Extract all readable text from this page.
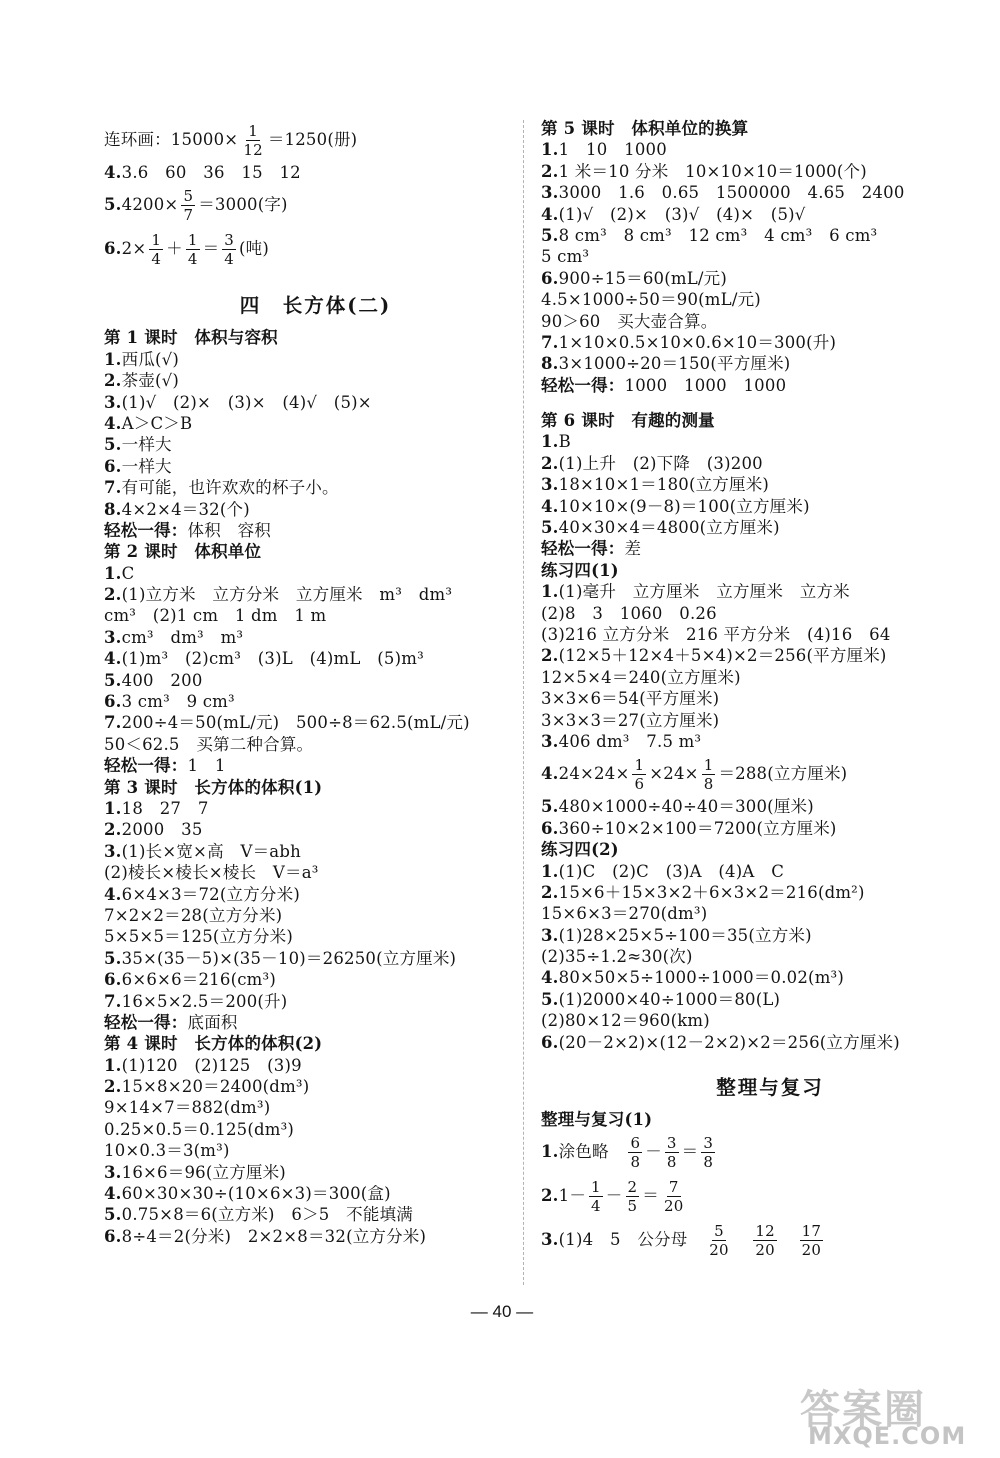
连环画：$15000\times \frac{1}{12} =1250$(册)
4.3.6　60　36　15　12
$5.4200\times \frac{5}{7} =3000$(字)
$6.2\times \frac{1}{4} + \frac{1}{4} = \frac{3}{4}$ (吨)
四　长方体(二)
第 1 课时　体积与容积
1.西瓜(√)
2.茶壶(√)
3.(1)√　(2)×　(3)×　(4)√　(5)×
4.A＞C＞B
5.一样大
6.一样大
7.有可能，也许欢欢的杯子小。
8.4×2×4＝32(个)
轻松一得：体积　容积
第 2 课时　体积单位
1.C
2.(1)立方米　立方分米　立方厘米　m³　dm³
cm³　(2)1 cm　1 dm　1 m
3.cm³　dm³　m³
4.(1)m³　(2)cm³　(3)L　(4)mL　(5)m³
5.400　200
6.3 cm³　9 cm³
7.200÷4＝50(mL/元)　500÷8＝62.5(mL/元)
50＜62.5　买第二种合算。
轻松一得：1　1
第 3 课时　长方体的体积(1)
1.18　27　7
2.2000　35
3.(1)长×宽×高　V＝abh
(2)棱长×棱长×棱长　V＝a³
4.6×4×3＝72(立方分米)
7×2×2＝28(立方分米)
5×5×5＝125(立方分米)
5.35×(35－5)×(35－10)＝26250(立方厘米)
6.6×6×6＝216(cm³)
7.16×5×2.5＝200(升)
轻松一得：底面积
第 4 课时　长方体的体积(2)
1.(1)120　(2)125　(3)9
2.15×8×20＝2400(dm³)
9×14×7＝882(dm³)
0.25×0.5＝0.125(dm³)
10×0.3＝3(m³)
3.16×6＝96(立方厘米)
4.60×30×30÷(10×6×3)＝300(盒)
5.0.75×8＝6(立方米)　6＞5　不能填满
6.8÷4＝2(分米)　2×2×8＝32(立方分米)
第 5 课时　体积单位的换算
1.1　10　1000
2.1 米＝10 分米　10×10×10＝1000(个)
3.3000　1.6　0.65　1500000　4.65　2400
4.(1)√　(2)×　(3)√　(4)×　(5)√
5.8 cm³　8 cm³　12 cm³　4 cm³　6 cm³
5 cm³
6.900÷15＝60(mL/元)
4.5×1000÷50＝90(mL/元)
90＞60　买大壶合算。
7.1×10×0.5×10×0.6×10＝300(升)
8.3×1000÷20＝150(平方厘米)
轻松一得：1000　1000　1000
第 6 课时　有趣的测量
1.B
2.(1)上升　(2)下降　(3)200
3.18×10×1＝180(立方厘米)
4.10×10×(9－8)＝100(立方厘米)
5.40×30×4＝4800(立方厘米)
轻松一得：差
练习四(1)
1.(1)毫升　立方厘米　立方厘米　立方米
(2)8　3　1060　0.26
(3)216 立方分米　216 平方分米　(4)16　64
2.(12×5＋12×4＋5×4)×2＝256(平方厘米)
12×5×4＝240(立方厘米)
3×3×6＝54(平方厘米)
3×3×3＝27(立方厘米)
3.406 dm³　7.5 m³
$4.24\times 24\times \frac{1}{6} \times 24\times \frac{1}{8} =288$(立方厘米)
5.480×1000÷40÷40＝300(厘米)
6.360÷10×2×100＝7200(立方厘米)
练习四(2)
1.(1)C　(2)C　(3)A　(4)A　C
2.15×6＋15×3×2＋6×3×2＝216(dm²)
15×6×3＝270(dm³)
3.(1)28×25×5÷100＝35(立方米)
(2)35÷1.2≈30(次)
4.80×50×5÷1000÷1000＝0.02(m³)
5.(1)2000×40÷1000＝80(L)
(2)80×12＝960(km)
6.(20－2×2)×(12－2×2)×2＝256(立方厘米)
整理与复习
整理与复习(1)
1.涂色略　 $\frac{6}{8} - \frac{3}{8} = \frac{3}{8}$
$2.1- \frac{1}{4} - \frac{2}{5} = \frac{7}{20}$
3.(1)4　5　公分母　 $\frac{5}{20}$
　 $\frac{12}{20}$
　 $\frac{17}{20}$
— 40 —
答案圈
MXQE.COM
